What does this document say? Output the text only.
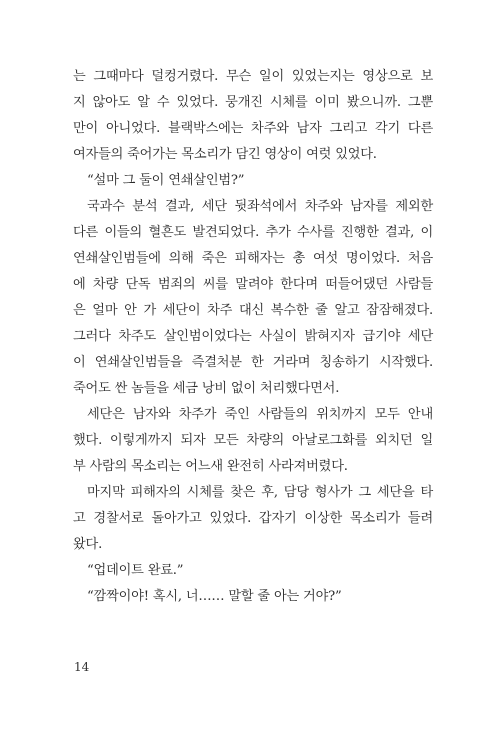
는 그때마다 덜컹거렸다. 무슨 일이 있었는지는 영상으로 보
지 않아도 알 수 있었다. 뭉개진 시체를 이미 봤으니까. 그뿐
만이 아니었다. 블랙박스에는 차주와 남자 그리고 각기 다른
여자들의 죽어가는 목소리가 담긴 영상이 여럿 있었다.
“설마 그 둘이 연쇄살인범?”
국과수 분석 결과, 세단 뒷좌석에서 차주와 남자를 제외한
다른 이들의 혈흔도 발견되었다. 추가 수사를 진행한 결과, 이
연쇄살인범들에 의해 죽은 피해자는 총 여섯 명이었다. 처음
에 차량 단독 범죄의 씨를 말려야 한다며 떠들어댔던 사람들
은 얼마 안 가 세단이 차주 대신 복수한 줄 알고 잠잠해졌다.
그러다 차주도 살인범이었다는 사실이 밝혀지자 급기야 세단
이 연쇄살인범들을 즉결처분 한 거라며 칭송하기 시작했다.
죽어도 싼 놈들을 세금 낭비 없이 처리했다면서.
세단은 남자와 차주가 죽인 사람들의 위치까지 모두 안내
했다. 이렇게까지 되자 모든 차량의 아날로그화를 외치던 일
부 사람의 목소리는 어느새 완전히 사라져버렸다.
마지막 피해자의 시체를 찾은 후, 담당 형사가 그 세단을 타
고 경찰서로 돌아가고 있었다. 갑자기 이상한 목소리가 들려
왔다.
“업데이트 완료.”
“깜짝이야! 혹시, 너…… 말할 줄 아는 거야?”
14
